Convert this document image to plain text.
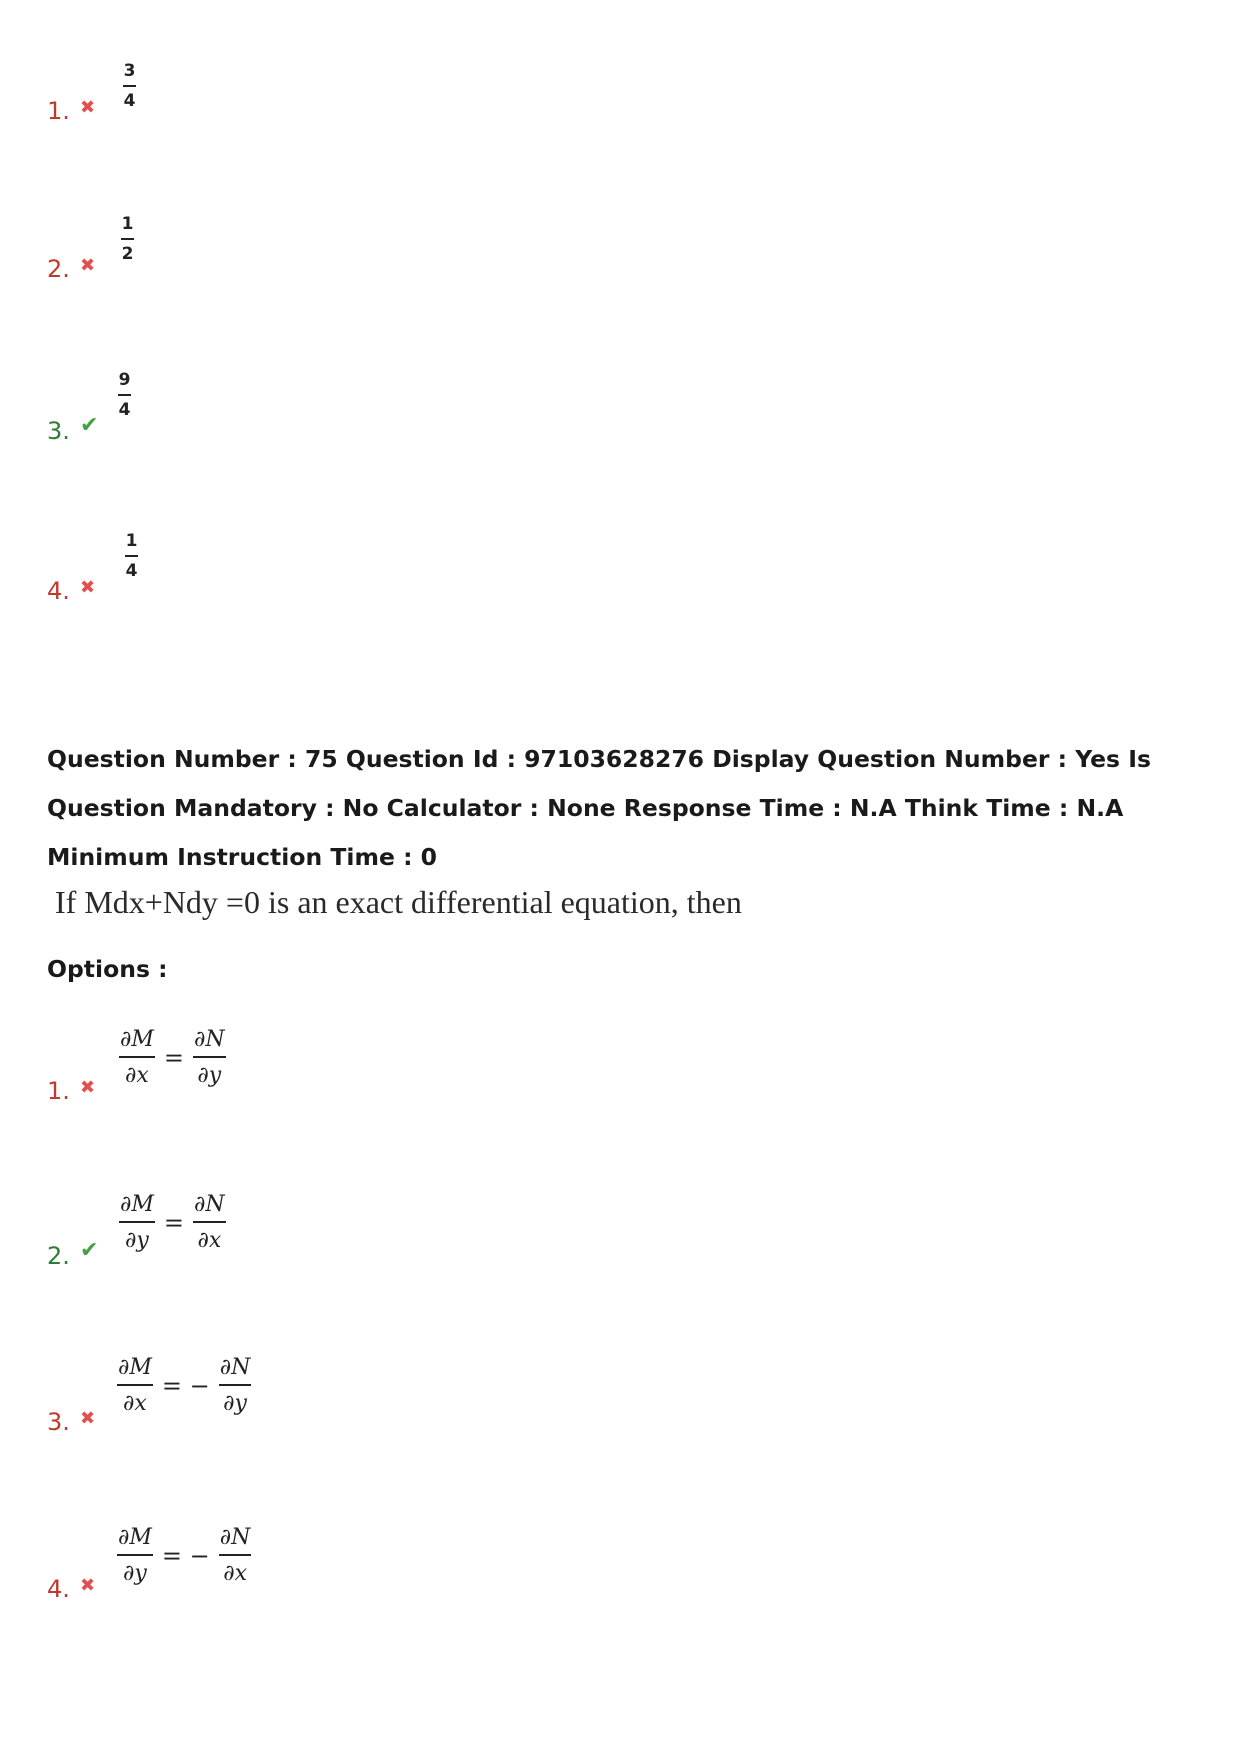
1. ✖
3
4
2. ✖
1
2
3. ✔
9
4
4. ✖
1
4
Question Number : 75 Question Id : 97103628276 Display Question Number : Yes Is Question Mandatory : No Calculator : None Response Time : N.A Think Time : N.A Minimum Instruction Time : 0
If Mdx+Ndy =0 is an exact differential equation, then
Options :
1. ✖
∂M
∂x
=
∂N
∂y
2. ✔
∂M
∂y
=
∂N
∂x
3. ✖
∂M
∂x
= −
∂N
∂y
4. ✖
∂M
∂y
= −
∂N
∂x
